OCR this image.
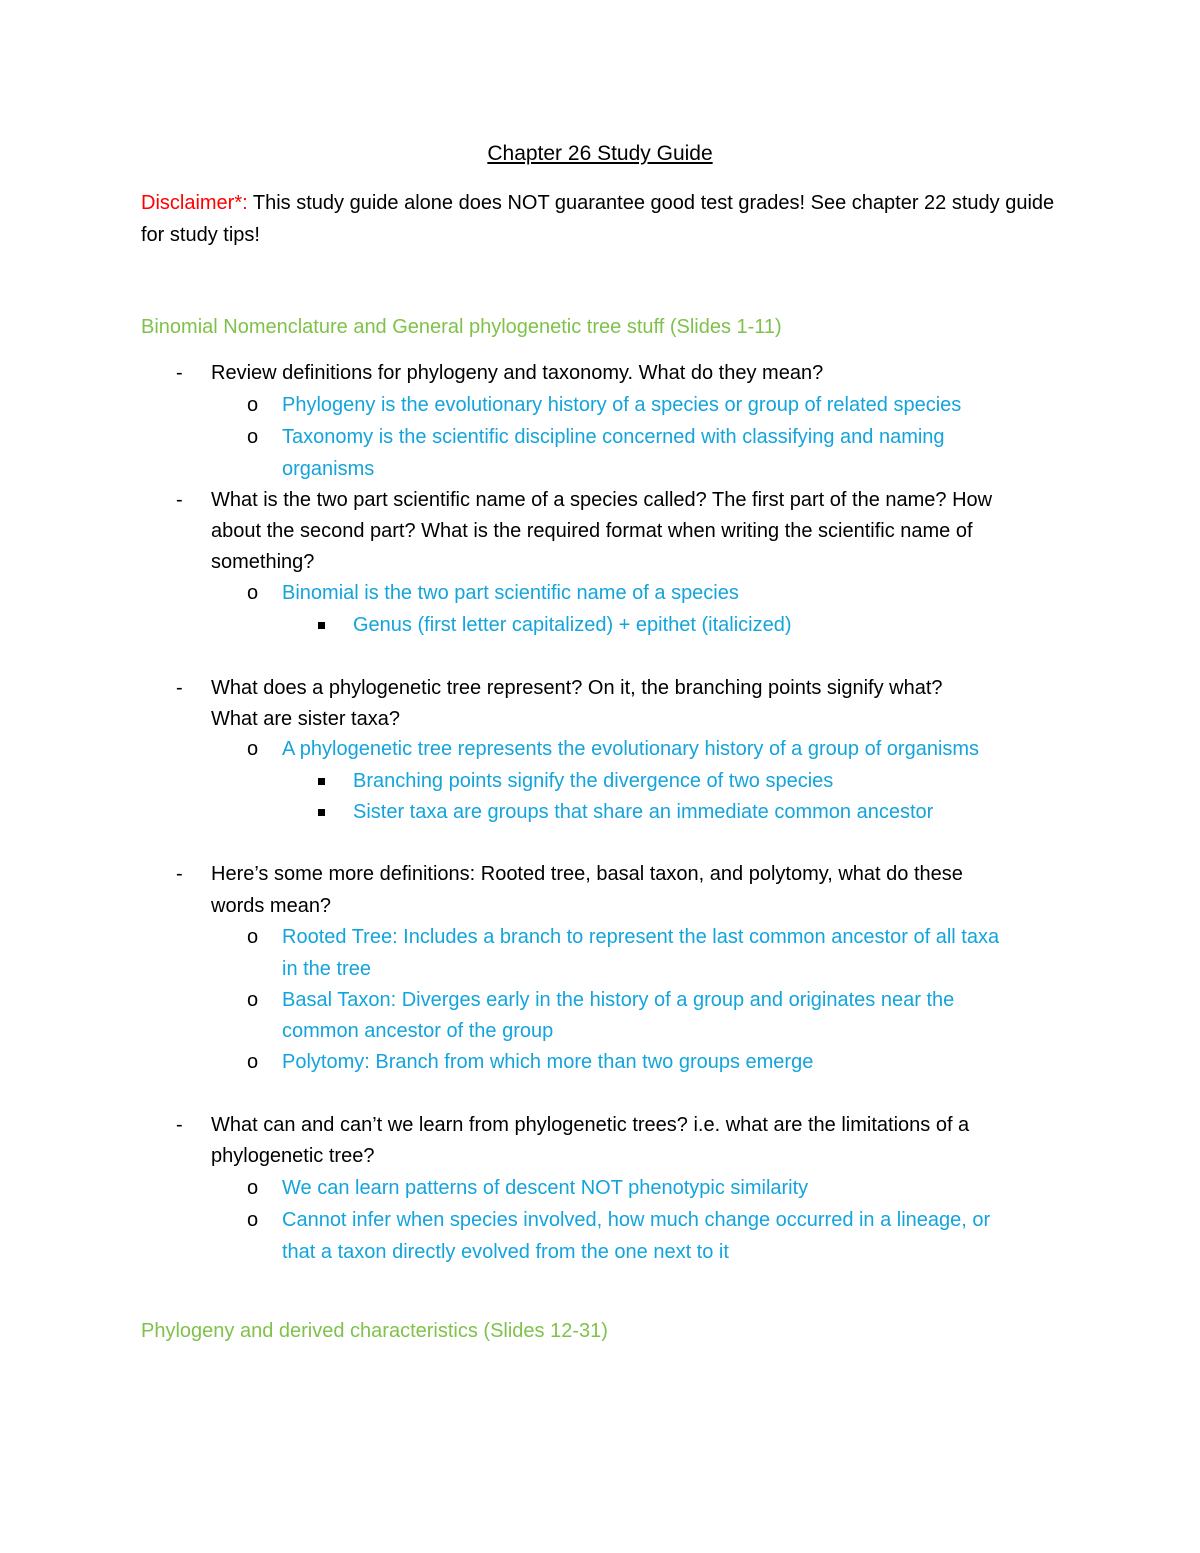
Chapter 26 Study Guide
Disclaimer*: This study guide alone does NOT guarantee good test grades! See chapter 22 study guide for study tips!
Binomial Nomenclature and General phylogenetic tree stuff (Slides 1-11)
- Review definitions for phylogeny and taxonomy. What do they mean?
o Phylogeny is the evolutionary history of a species or group of related species
o Taxonomy is the scientific discipline concerned with classifying and naming
organisms
- What is the two part scientific name of a species called? The first part of the name? How
about the second part? What is the required format when writing the scientific name of
something?
o Binomial is the two part scientific name of a species
Genus (first letter capitalized) + epithet (italicized)
- What does a phylogenetic tree represent? On it, the branching points signify what?
What are sister taxa?
o A phylogenetic tree represents the evolutionary history of a group of organisms
Branching points signify the divergence of two species
Sister taxa are groups that share an immediate common ancestor
- Here’s some more definitions: Rooted tree, basal taxon, and polytomy, what do these
words mean?
o Rooted Tree: Includes a branch to represent the last common ancestor of all taxa
in the tree
o Basal Taxon: Diverges early in the history of a group and originates near the
common ancestor of the group
o Polytomy: Branch from which more than two groups emerge
- What can and can’t we learn from phylogenetic trees? i.e. what are the limitations of a
phylogenetic tree?
o We can learn patterns of descent NOT phenotypic similarity
o Cannot infer when species involved, how much change occurred in a lineage, or
that a taxon directly evolved from the one next to it
Phylogeny and derived characteristics (Slides 12-31)
